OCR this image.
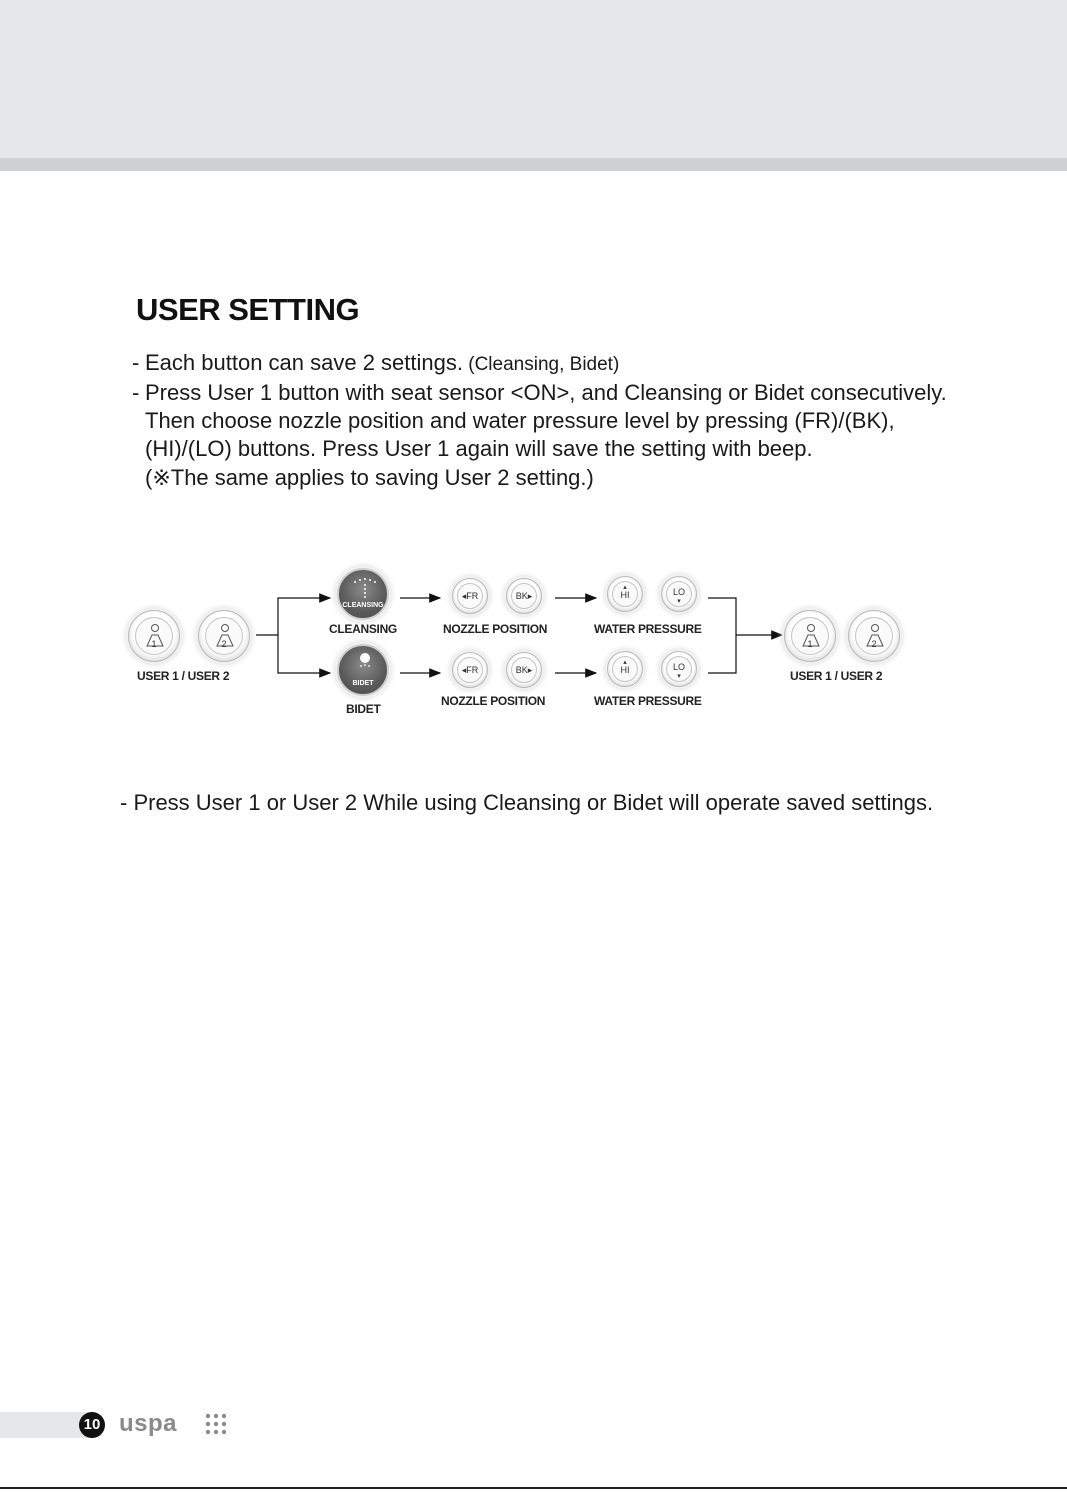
USER SETTING
- Each button can save 2 settings. (Cleansing, Bidet)
- Press User 1 button with seat sensor <ON>, and Cleansing or Bidet consecutively.
Then choose nozzle position and water pressure level by pressing (FR)/(BK),
(HI)/(LO) buttons. Press User 1 again will save the setting with beep.
(※The same applies to saving User 2 setting.)
1	2
USER 1 / USER 2
CLEANSING
CLEANSING
BIDET
BIDET
◂FR	BK▸
NOZZLE POSITION
◂FR	BK▸
NOZZLE POSITION
▴
HI	LO
▾
WATER PRESSURE
▴
HI	LO
▾
WATER PRESSURE
1	2
USER 1 / USER 2
- Press User 1 or User 2 While using Cleansing or Bidet will operate saved settings.
10 uspa
